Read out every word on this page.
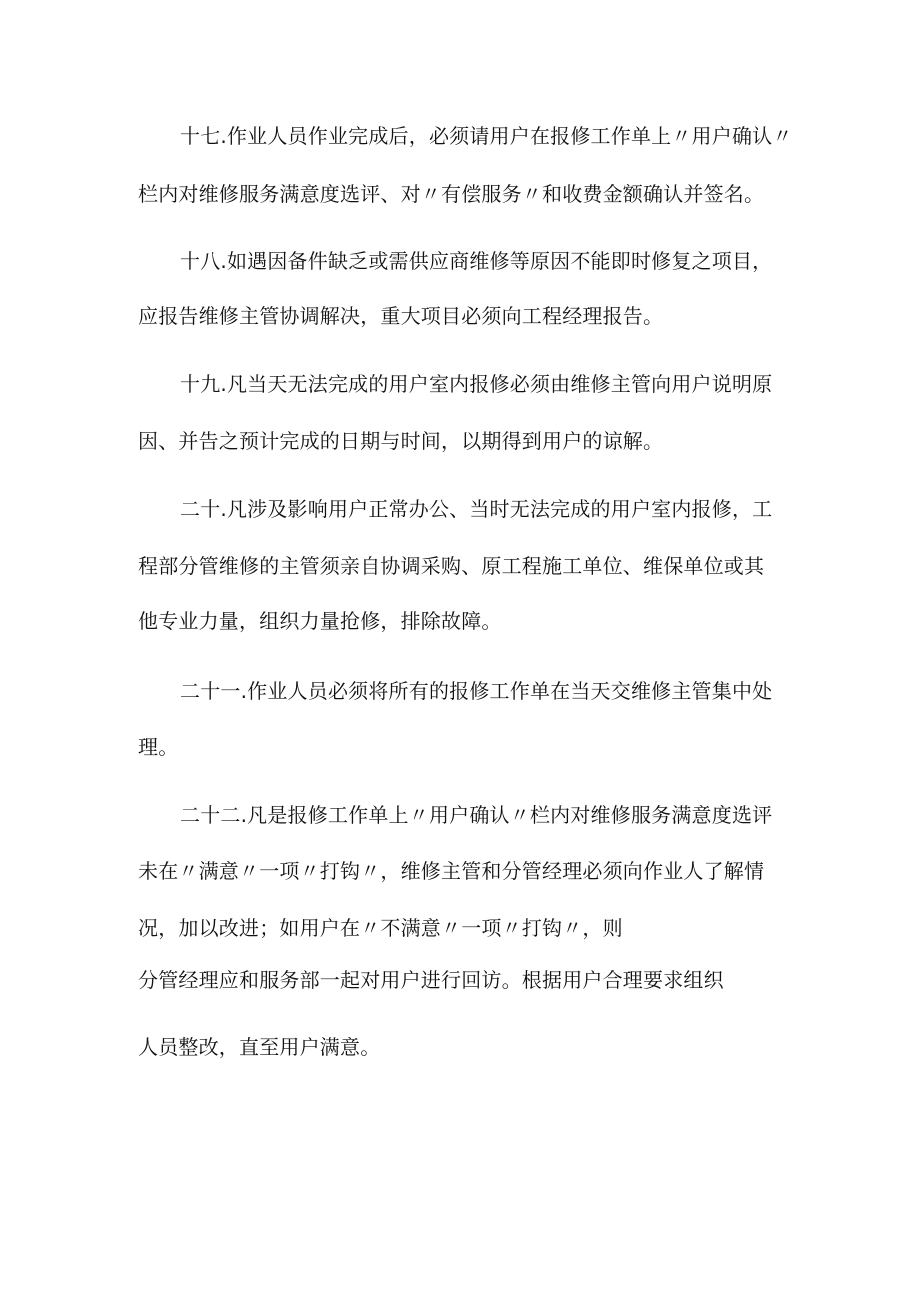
十七.作业人员作业完成后，必须请用户在报修工作单上〃用户确认〃
栏内对维修服务满意度选评、对〃有偿服务〃和收费金额确认并签名。
十八.如遇因备件缺乏或需供应商维修等原因不能即时修复之项目，
应报告维修主管协调解决，重大项目必须向工程经理报告。
十九.凡当天无法完成的用户室内报修必须由维修主管向用户说明原
因、并告之预计完成的日期与时间，以期得到用户的谅解。
二十.凡涉及影响用户正常办公、当时无法完成的用户室内报修，工
程部分管维修的主管须亲自协调采购、原工程施工单位、维保单位或其
他专业力量，组织力量抢修，排除故障。
二十一.作业人员必须将所有的报修工作单在当天交维修主管集中处
理。
二十二.凡是报修工作单上〃用户确认〃栏内对维修服务满意度选评
未在〃满意〃一项〃打钩〃，维修主管和分管经理必须向作业人了解情
况，加以改进；如用户在〃不满意〃一项〃打钩〃，则
分管经理应和服务部一起对用户进行回访。根据用户合理要求组织
人员整改，直至用户满意。
